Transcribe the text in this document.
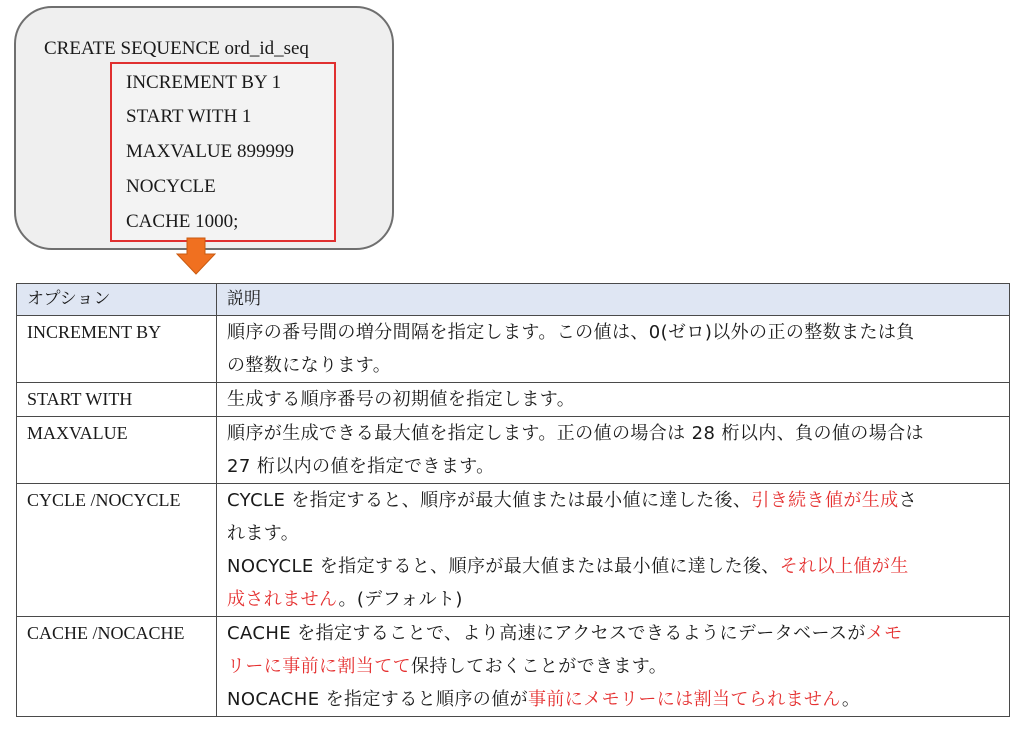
CREATE SEQUENCE ord_id_seq
INCREMENT BY 1
START WITH 1
MAXVALUE 899999
NOCYCLE
CACHE 1000;
オプション	説明
INCREMENT BY	順序の番号間の増分間隔を指定します。この値は、0(ゼロ)以外の正の整数または負
の整数になります。

START WITH	生成する順序番号の初期値を指定します。

MAXVALUE	順序が生成できる最大値を指定します。正の値の場合は 28 桁以内、負の値の場合は
27 桁以内の値を指定できます。

CYCLE /NOCYCLE	CYCLE を指定すると、順序が最大値または最小値に達した後、引き続き値が生成さ
れます。
NOCYCLE を指定すると、順序が最大値または最小値に達した後、それ以上値が生
成されません。(デフォルト)

CACHE /NOCACHE	CACHE を指定することで、より高速にアクセスできるようにデータベースがメモ
リーに事前に割当てて保持しておくことができます。
NOCACHE を指定すると順序の値が事前にメモリーには割当てられません。
